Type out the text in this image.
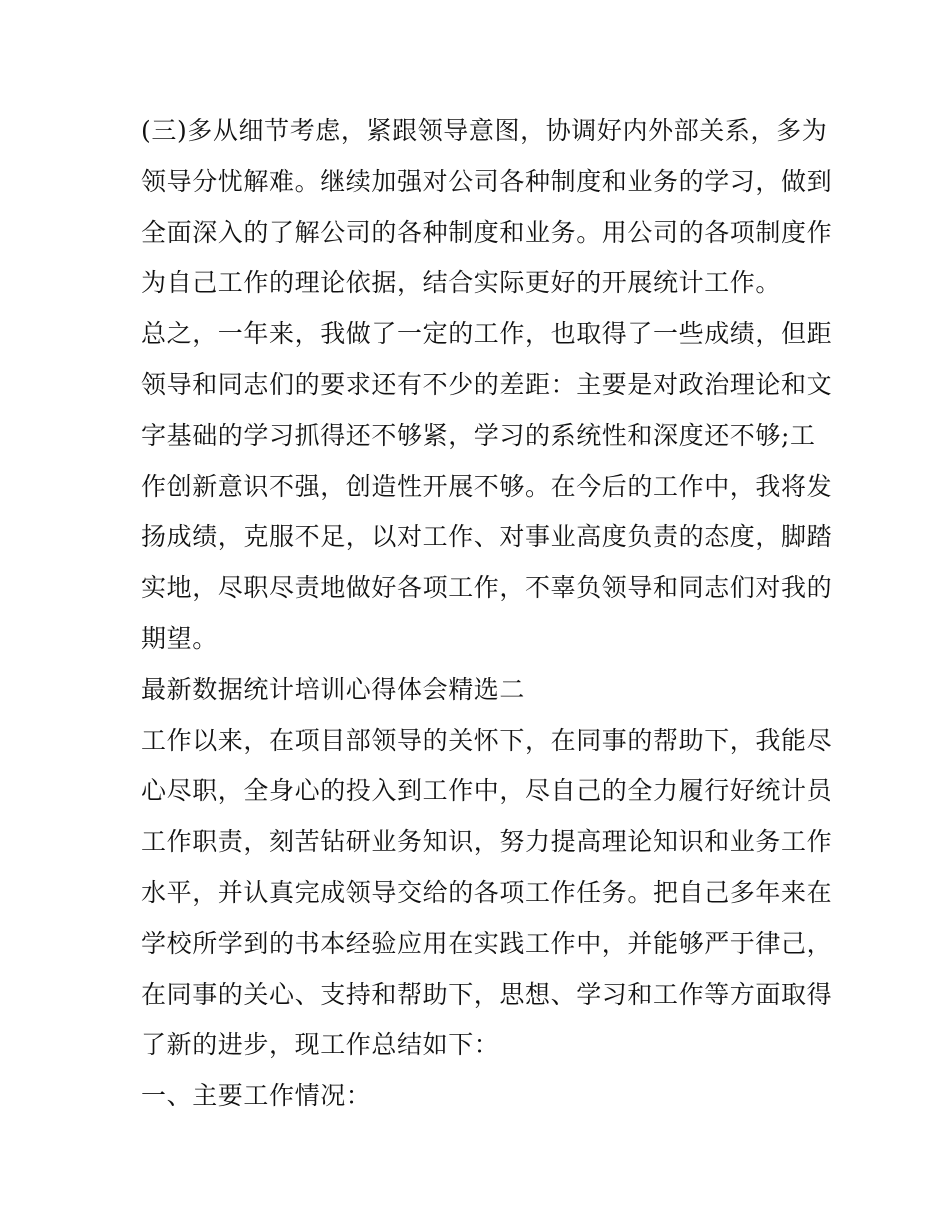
(三)多从细节考虑，紧跟领导意图，协调好内外部关系，多为
领导分忧解难。继续加强对公司各种制度和业务的学习，做到
全面深入的了解公司的各种制度和业务。用公司的各项制度作
为自己工作的理论依据，结合实际更好的开展统计工作。
总之，一年来，我做了一定的工作，也取得了一些成绩，但距
领导和同志们的要求还有不少的差距：主要是对政治理论和文
字基础的学习抓得还不够紧，学习的系统性和深度还不够;工
作创新意识不强，创造性开展不够。在今后的工作中，我将发
扬成绩，克服不足，以对工作、对事业高度负责的态度，脚踏
实地，尽职尽责地做好各项工作，不辜负领导和同志们对我的
期望。
最新数据统计培训心得体会精选二
工作以来，在项目部领导的关怀下，在同事的帮助下，我能尽
心尽职，全身心的投入到工作中，尽自己的全力履行好统计员
工作职责，刻苦钻研业务知识，努力提高理论知识和业务工作
水平，并认真完成领导交给的各项工作任务。把自己多年来在
学校所学到的书本经验应用在实践工作中，并能够严于律己，
在同事的关心、支持和帮助下，思想、学习和工作等方面取得
了新的进步，现工作总结如下：
一、主要工作情况：
